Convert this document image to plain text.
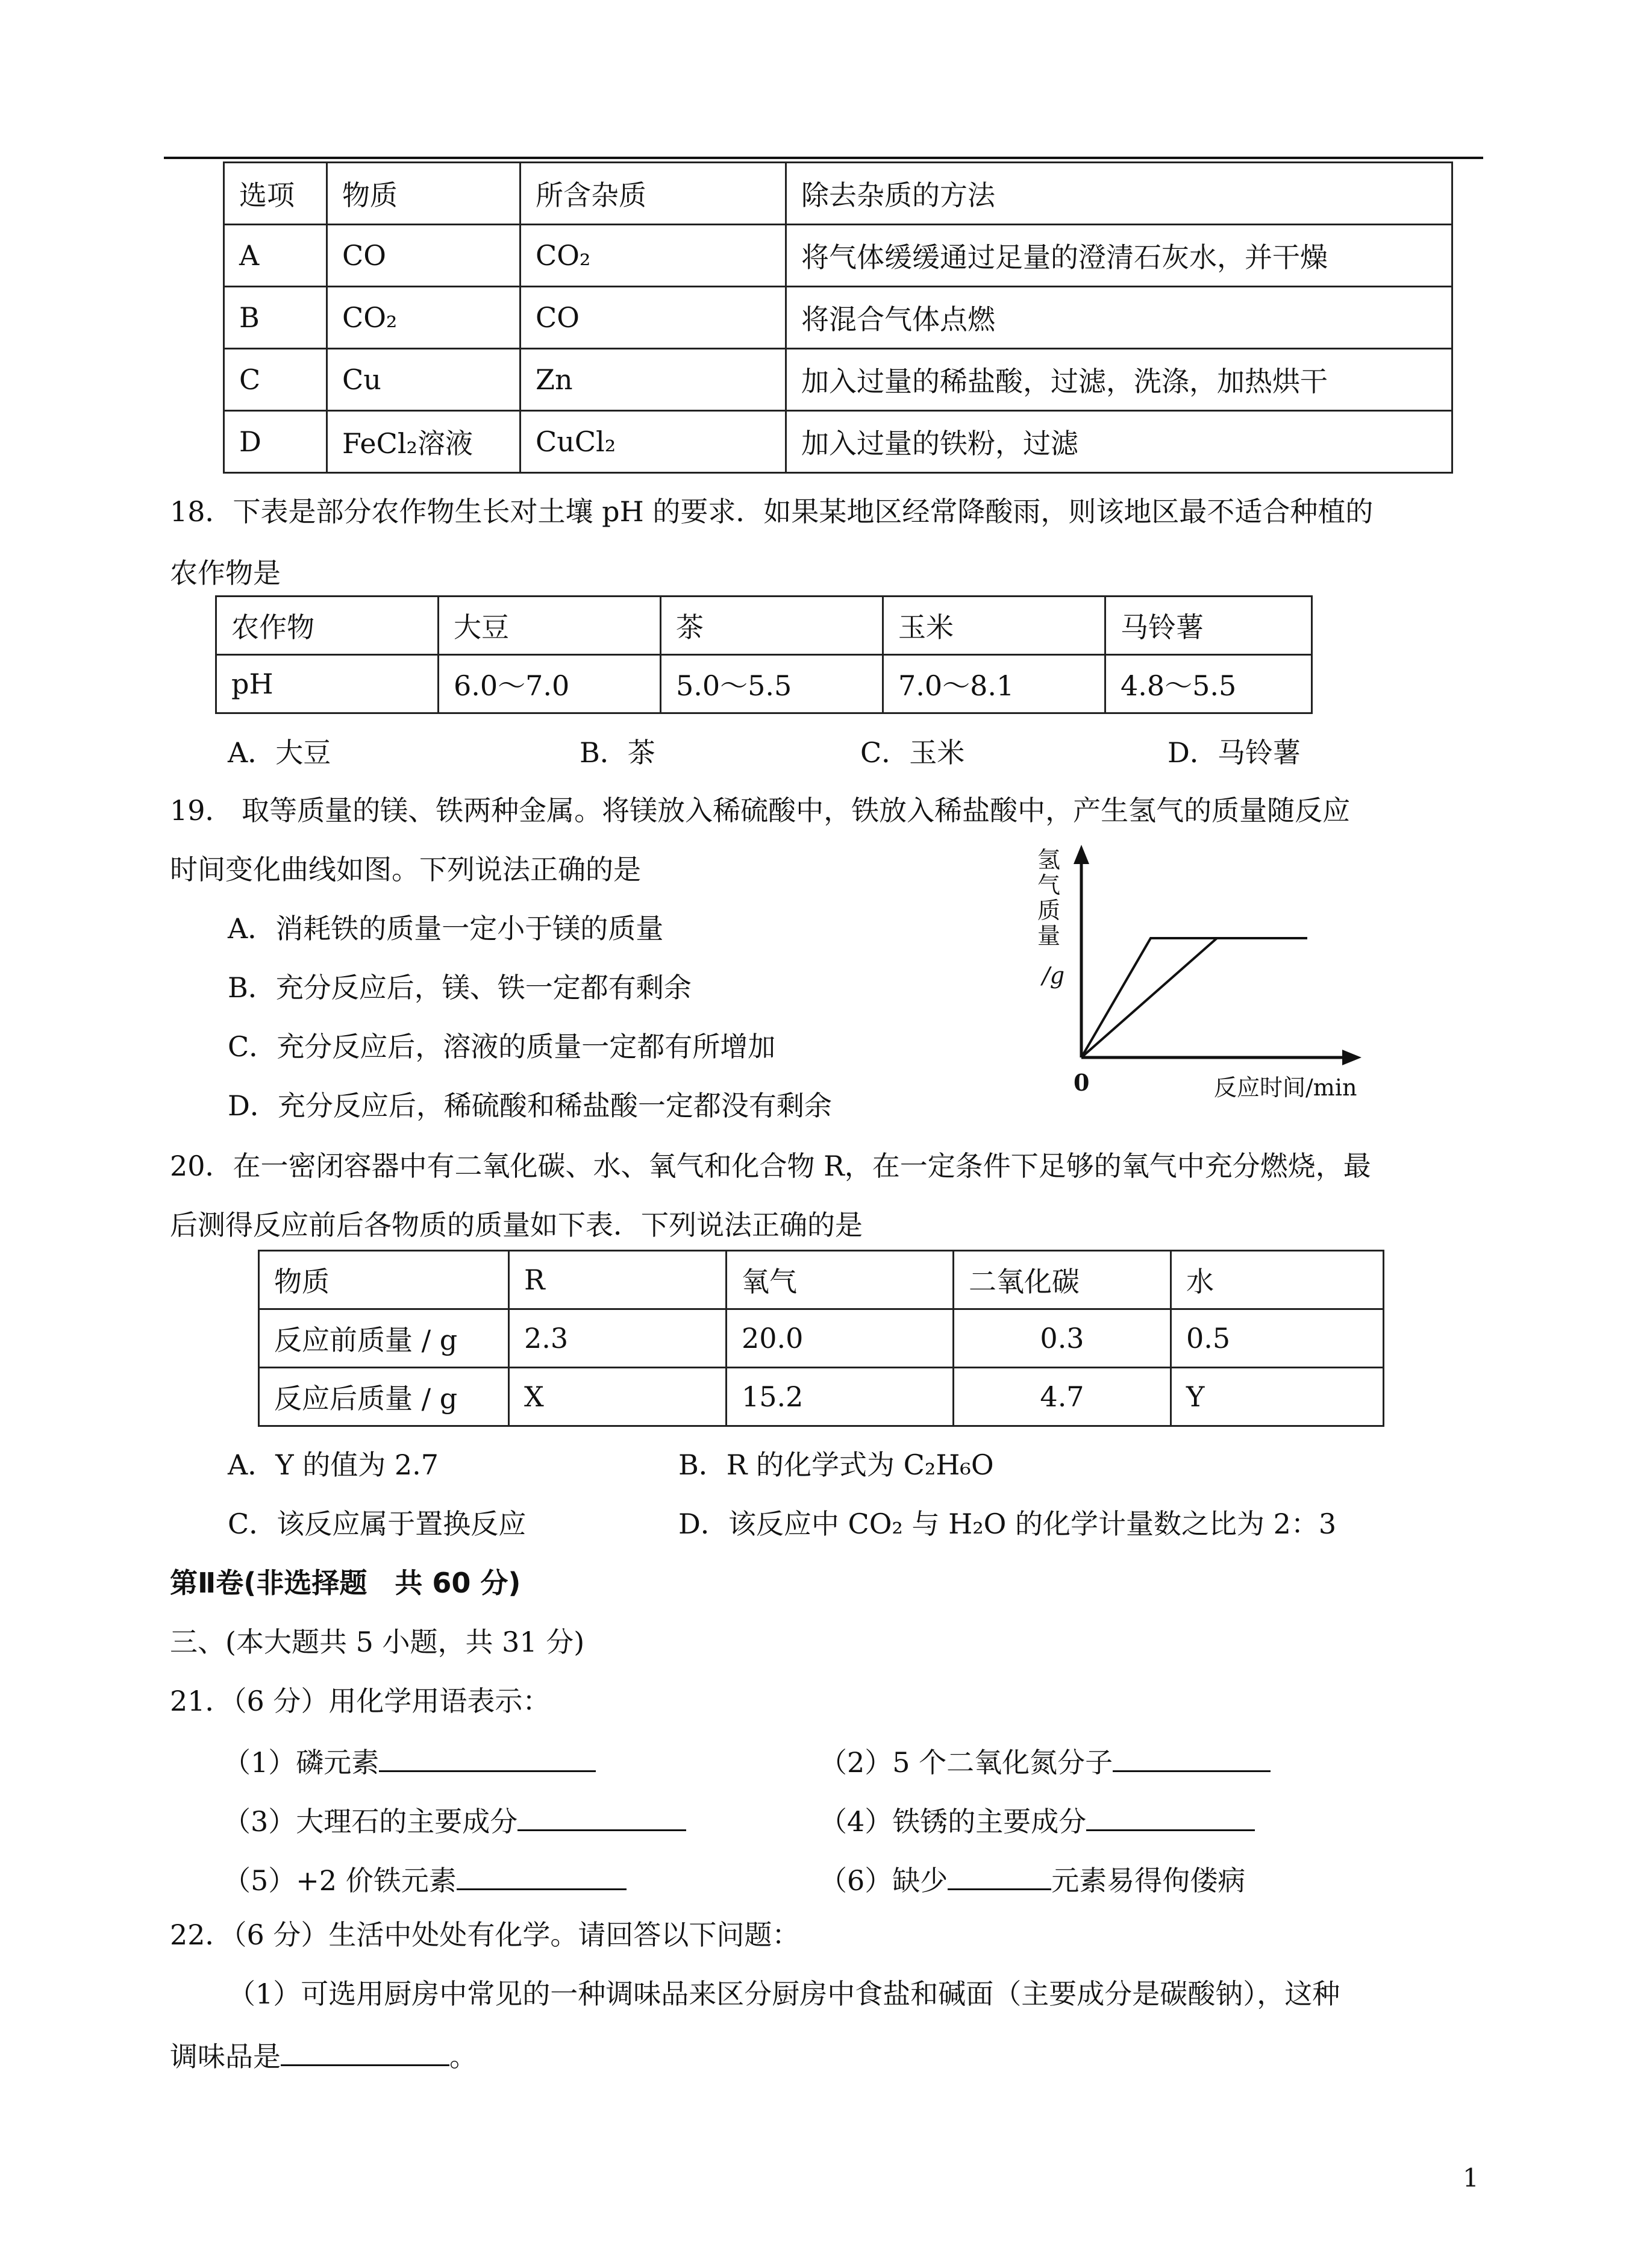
选项	物质	所含杂质	除去杂质的方法
A	CO	CO₂	将气体缓缓通过足量的澄清石灰水，并干燥
B	CO₂	CO	将混合气体点燃
C	Cu	Zn	加入过量的稀盐酸，过滤，洗涤，加热烘干
D	FeCl₂溶液	CuCl₂	加入过量的铁粉，过滤
18．下表是部分农作物生长对土壤 pH 的要求．如果某地区经常降酸雨，则该地区最不适合种植的
农作物是
农作物	大豆	茶	玉米	马铃薯
pH	6.0～7.0	5.0～5.5	7.0～8.1	4.8～5.5
A．大豆	B．茶	C．玉米	D．马铃薯
19． 取等质量的镁、铁两种金属。将镁放入稀硫酸中，铁放入稀盐酸中，产生氢气的质量随反应
时间变化曲线如图。下列说法正确的是
A．消耗铁的质量一定小于镁的质量
B．充分反应后，镁、铁一定都有剩余
C．充分反应后，溶液的质量一定都有所增加
D．充分反应后，稀硫酸和稀盐酸一定都没有剩余
氢
气
质
量
/g
0	反应时间/min
20．在一密闭容器中有二氧化碳、水、氧气和化合物 R，在一定条件下足够的氧气中充分燃烧，最
后测得反应前后各物质的质量如下表．下列说法正确的是
物质	R	氧气	二氧化碳	水
反应前质量 / g	2.3	20.0	0.3	0.5
反应后质量 / g	X	15.2	4.7	Y
A．Y 的值为 2.7	B．R 的化学式为 C₂H₆O
C．该反应属于置换反应	D．该反应中 CO₂ 与 H₂O 的化学计量数之比为 2：3
第Ⅱ卷(非选择题　共 60 分)
三、(本大题共 5 小题，共 31 分)
21．（6 分）用化学用语表示：
（1）磷元素	（2）5 个二氧化氮分子
（3）大理石的主要成分	（4）铁锈的主要成分
（5）+2 价铁元素	（6）缺少	元素易得佝偻病
22．（6 分）生活中处处有化学。请回答以下问题：
（1）可选用厨房中常见的一种调味品来区分厨房中食盐和碱面（主要成分是碳酸钠），这种
调味品是	。
1
